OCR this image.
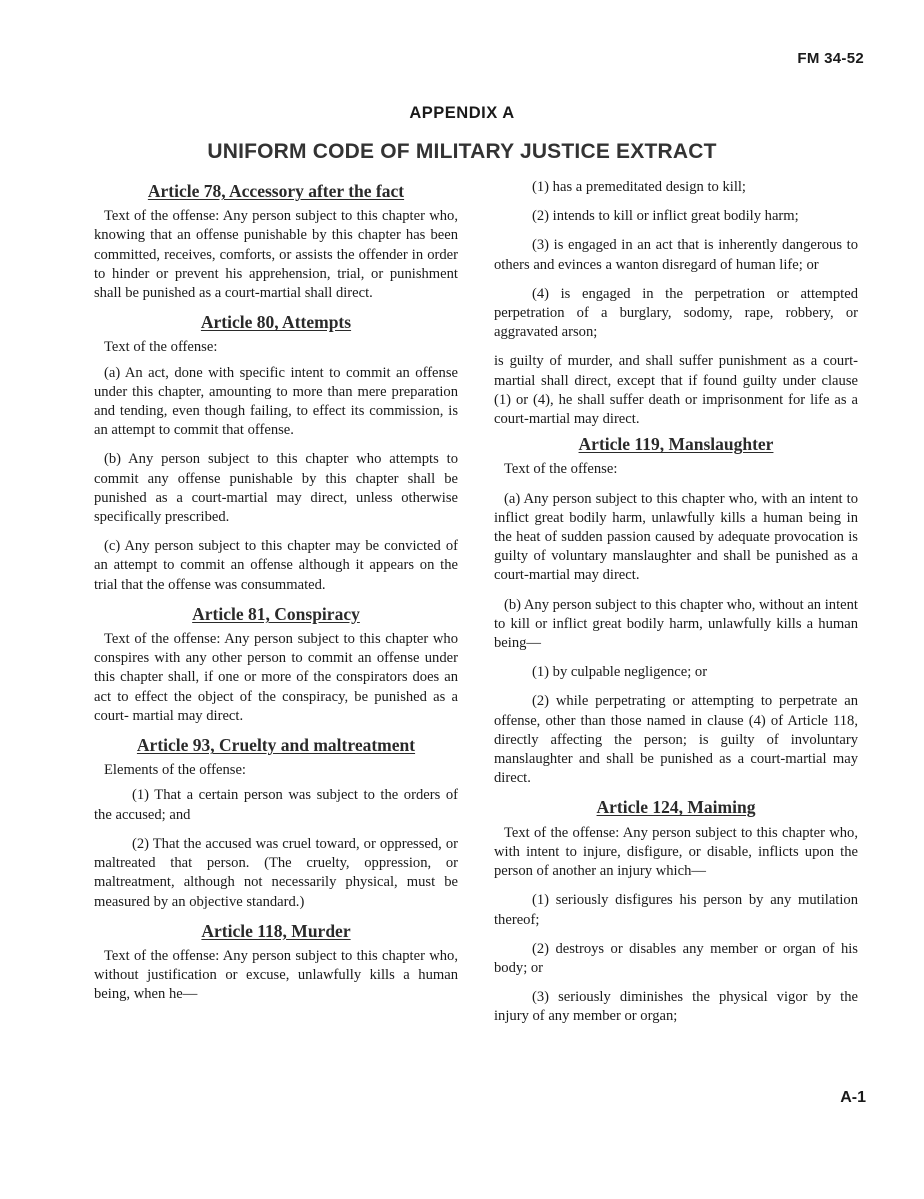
FM 34-52
APPENDIX A
UNIFORM CODE OF MILITARY JUSTICE EXTRACT
Article 78, Accessory after the fact

Text of the offense: Any person subject to this chapter who, knowing that an offense punishable by this chapter has been committed, receives, comforts, or assists the offender in order to hinder or prevent his apprehension, trial, or punishment shall be punished as a court-martial shall direct.

Article 80, Attempts

Text of the offense:

(a) An act, done with specific intent to commit an offense under this chapter, amounting to more than mere preparation and tending, even though failing, to effect its commission, is an attempt to commit that offense.

(b) Any person subject to this chapter who attempts to commit any offense punishable by this chapter shall be punished as a court-martial may direct, unless otherwise specifically prescribed.

(c) Any person subject to this chapter may be convicted of an attempt to commit an offense although it appears on the trial that the offense was consummated.

Article 81, Conspiracy

Text of the offense: Any person subject to this chapter who conspires with any other person to commit an offense under this chapter shall, if one or more of the conspirators does an act to effect the object of the conspiracy, be punished as a court- martial may direct.

Article 93, Cruelty and maltreatment

Elements of the offense:

(1) That a certain person was subject to the orders of the accused; and

(2) That the accused was cruel toward, or oppressed, or maltreated that person. (The cruelty, oppression, or maltreatment, although not necessarily physical, must be measured by an objective standard.)

Article 118, Murder

Text of the offense: Any person subject to this chapter who, without justification or excuse, unlawfully kills a human being, when he—

(1) has a premeditated design to kill;

(2) intends to kill or inflict great bodily harm;

(3) is engaged in an act that is inherently dangerous to others and evinces a wanton disregard of human life; or

(4) is engaged in the perpetration or attempted perpetration of a burglary, sodomy, rape, robbery, or aggravated arson;

is guilty of murder, and shall suffer punishment as a court-martial shall direct, except that if found guilty under clause (1) or (4), he shall suffer death or imprisonment for life as a court-martial may direct.

Article 119, Manslaughter

Text of the offense:

(a) Any person subject to this chapter who, with an intent to inflict great bodily harm, unlawfully kills a human being in the heat of sudden passion caused by adequate provocation is guilty of voluntary manslaughter and shall be punished as a court-martial may direct.

(b) Any person subject to this chapter who, without an intent to kill or inflict great bodily harm, unlawfully kills a human being—

(1) by culpable negligence; or

(2) while perpetrating or attempting to perpetrate an offense, other than those named in clause (4) of Article 118, directly affecting the person; is guilty of involuntary manslaughter and shall be punished as a court-martial may direct.

Article 124, Maiming

Text of the offense: Any person subject to this chapter who, with intent to injure, disfigure, or disable, inflicts upon the person of another an injury which—

(1) seriously disfigures his person by any mutilation thereof;

(2) destroys or disables any member or organ of his body; or

(3) seriously diminishes the physical vigor by the injury of any member or organ;

A-1
